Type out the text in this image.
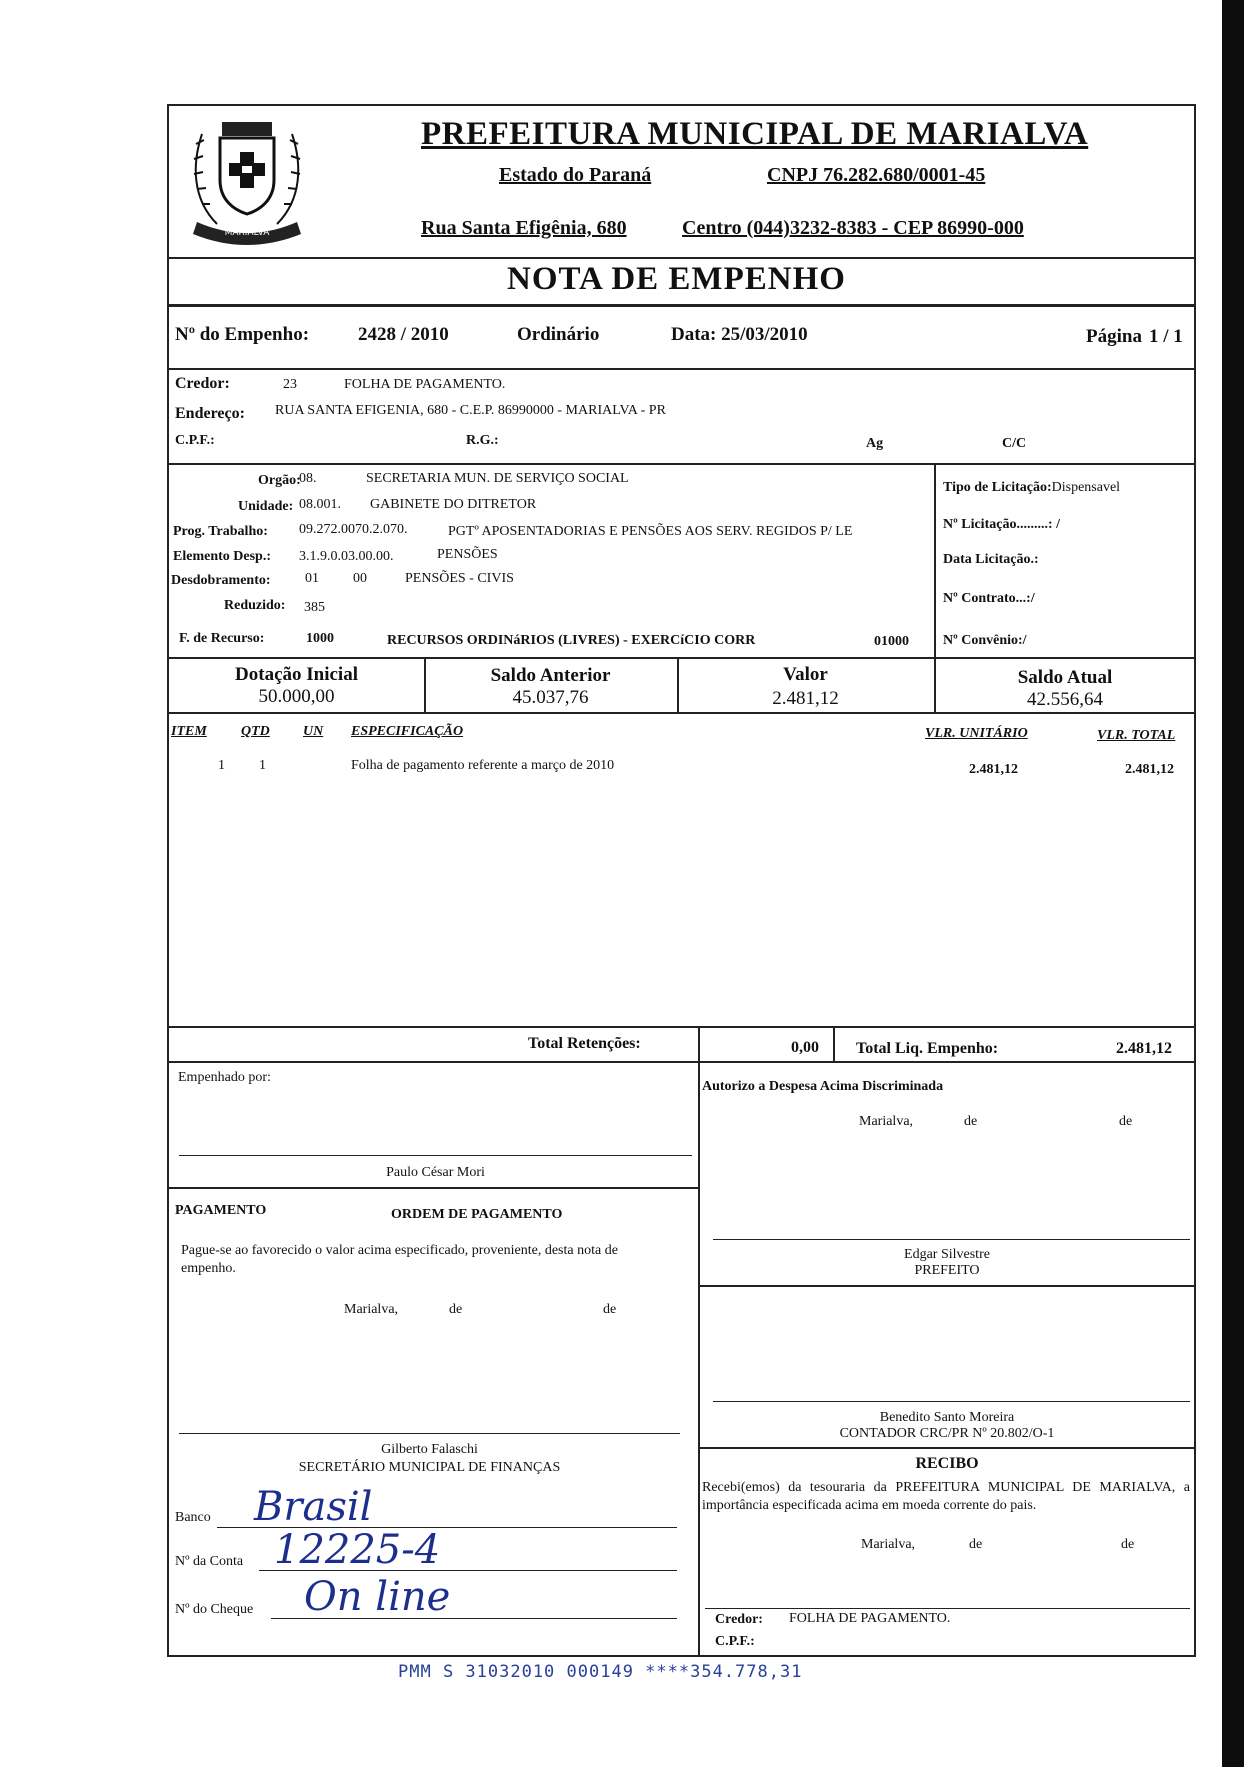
MARIALVA
PREFEITURA MUNICIPAL DE MARIALVA
Estado do Paraná	CNPJ 76.282.680/0001-45
Rua Santa Efigênia, 680	Centro (044)3232-8383 - CEP 86990-000
NOTA DE EMPENHO
Nº do Empenho:	2428 / 2010	Ordinário	Data: 25/03/2010	Página 1 / 1
Credor:	23	FOLHA DE PAGAMENTO.
Endereço: RUA SANTA EFIGENIA, 680 - C.E.P. 86990000 - MARIALVA - PR
C.P.F.:	R.G.:	Ag	C/C
Orgão:
08.	SECRETARIA MUN. DE SERVIÇO SOCIAL
Unidade: 08.001. GABINETE DO DITRETOR
Prog. Trabalho: 09.272.0070.2.070.	PGTº APOSENTADORIAS E PENSÕES AOS SERV. REGIDOS P/ LE
Elemento Desp.: 3.1.9.0.03.00.00.	PENSÕES
Desdobramento: 01 00	PENSÕES - CIVIS
Reduzido: 385
F. de Recurso:	1000	RECURSOS ORDINáRIOS (LIVRES) - EXERCíCIO CORR	01000
Tipo de Licitação:Dispensavel
Nº Licitação.........: /
Data Licitação.:
Nº Contrato...:/
Nº Convênio:/
Dotação Inicial
50.000,00
Saldo Anterior
45.037,76
Valor
2.481,12
Saldo Atual
42.556,64
ITEM QTD UN ESPECIFICAÇÃO	VLR. UNITÁRIO	VLR. TOTAL
1 1	Folha de pagamento referente a março de 2010	2.481,12	2.481,12
Total Retenções:	0,00 Total Liq. Empenho:	2.481,12
Empenhado por:
Paulo César Mori
Autorizo a Despesa Acima Discriminada
Marialva,	de	de
Edgar Silvestre
PREFEITO
PAGAMENTO	ORDEM DE PAGAMENTO
Pague-se ao favorecido o valor acima especificado, proveniente, desta nota de empenho.
Marialva,	de	de
Gilberto Falaschi
SECRETÁRIO MUNICIPAL DE FINANÇAS
Banco Brasil
Nº da Conta 12225-4
Nº do Cheque On line
Benedito Santo Moreira
CONTADOR CRC/PR Nº 20.802/O-1
RECIBO
Recebi(emos) da tesouraria da PREFEITURA MUNICIPAL DE MARIALVA, a importância especificada acima em moeda corrente do pais.
Marialva,	de	de
Credor: FOLHA DE PAGAMENTO.
C.P.F.:
PMM S 31032010 000149 ****354.778,31
